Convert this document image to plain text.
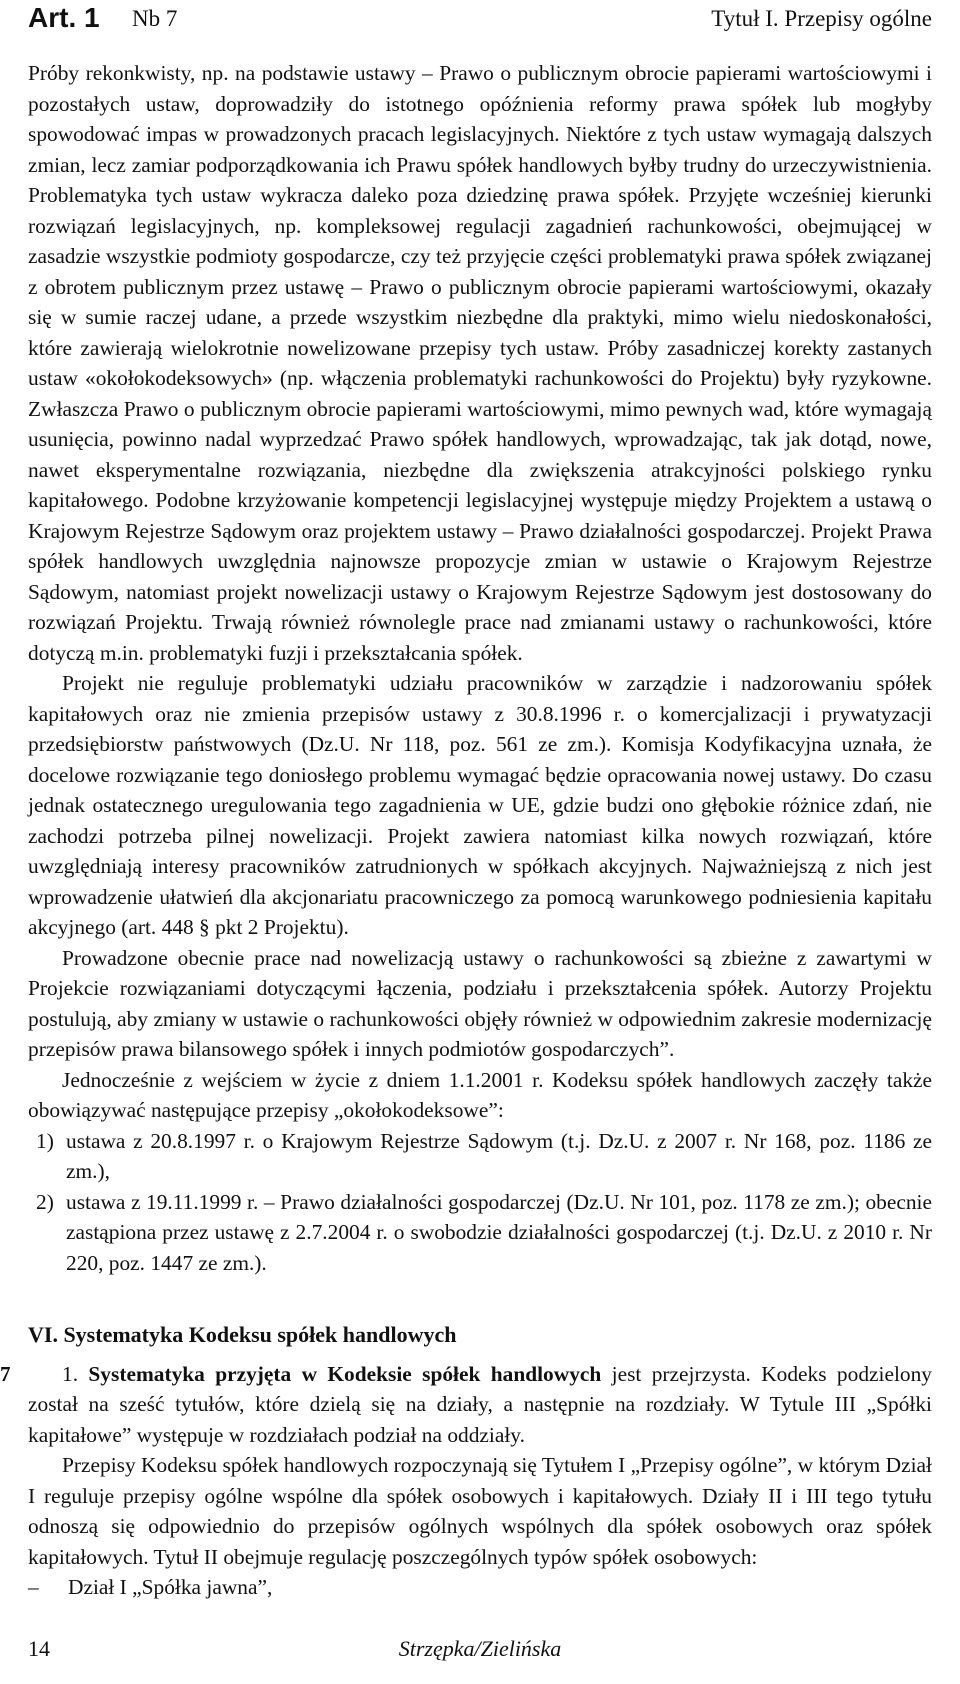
Art. 1 Nb 7	Tytuł I. Przepisy ogólne

Próby rekonkwisty, np. na podstawie ustawy – Prawo o publicznym obrocie papierami wartościowymi i pozostałych ustaw, doprowadziły do istotnego opóźnienia reformy prawa spółek lub mogłyby spowodować impas w prowadzonych pracach legislacyjnych. Niektóre z tych ustaw wymagają dalszych zmian, lecz zamiar podporządkowania ich Prawu spółek handlowych byłby trudny do urzeczywistnienia. Problematyka tych ustaw wykracza daleko poza dziedzinę prawa spółek. Przyjęte wcześniej kierunki rozwiązań legislacyjnych, np. kompleksowej regulacji zagadnień rachunkowości, obejmującej w zasadzie wszystkie podmioty gospodarcze, czy też przyjęcie części problematyki prawa spółek związanej z obrotem publicznym przez ustawę – Prawo o publicznym obrocie papierami wartościowymi, okazały się w sumie raczej udane, a przede wszystkim niezbędne dla praktyki, mimo wielu niedoskonałości, które zawierają wielokrotnie nowelizowane przepisy tych ustaw. Próby zasadniczej korekty zastanych ustaw «okołokodeksowych» (np. włączenia problematyki rachunkowości do Projektu) były ryzykowne. Zwłaszcza Prawo o publicznym obrocie papierami wartościowymi, mimo pewnych wad, które wymagają usunięcia, powinno nadal wyprzedzać Prawo spółek handlowych, wprowadzając, tak jak dotąd, nowe, nawet eksperymentalne rozwiązania, niezbędne dla zwiększenia atrakcyjności polskiego rynku kapitałowego. Podobne krzyżowanie kompetencji legislacyjnej występuje między Projektem a ustawą o Krajowym Rejestrze Sądowym oraz projektem ustawy – Prawo działalności gospodarczej. Projekt Prawa spółek handlowych uwzględnia najnowsze propozycje zmian w ustawie o Krajowym Rejestrze Sądowym, natomiast projekt nowelizacji ustawy o Krajowym Rejestrze Sądowym jest dostosowany do rozwiązań Projektu. Trwają również równolegle prace nad zmianami ustawy o rachunkowości, które dotyczą m.in. problematyki fuzji i przekształcania spółek.

Projekt nie reguluje problematyki udziału pracowników w zarządzie i nadzorowaniu spółek kapitałowych oraz nie zmienia przepisów ustawy z 30.8.1996 r. o komercjalizacji i prywatyzacji przedsiębiorstw państwowych (Dz.U. Nr 118, poz. 561 ze zm.). Komisja Kodyfikacyjna uznała, że docelowe rozwiązanie tego doniosłego problemu wymagać będzie opracowania nowej ustawy. Do czasu jednak ostatecznego uregulowania tego zagadnienia w UE, gdzie budzi ono głębokie różnice zdań, nie zachodzi potrzeba pilnej nowelizacji. Projekt zawiera natomiast kilka nowych rozwiązań, które uwzględniają interesy pracowników zatrudnionych w spółkach akcyjnych. Najważniejszą z nich jest wprowadzenie ułatwień dla akcjonariatu pracowniczego za pomocą warunkowego podniesienia kapitału akcyjnego (art. 448 § pkt 2 Projektu).

Prowadzone obecnie prace nad nowelizacją ustawy o rachunkowości są zbieżne z zawartymi w Projekcie rozwiązaniami dotyczącymi łączenia, podziału i przekształcenia spółek. Autorzy Projektu postulują, aby zmiany w ustawie o rachunkowości objęły również w odpowiednim zakresie modernizację przepisów prawa bilansowego spółek i innych podmiotów gospodarczych”.

Jednocześnie z wejściem w życie z dniem 1.1.2001 r. Kodeksu spółek handlowych zaczęły także obowiązywać następujące przepisy „okołokodeksowe”:

1) ustawa z 20.8.1997 r. o Krajowym Rejestrze Sądowym (t.j. Dz.U. z 2007 r. Nr 168, poz. 1186 ze zm.),
2) ustawa z 19.11.1999 r. – Prawo działalności gospodarczej (Dz.U. Nr 101, poz. 1178 ze zm.); obecnie zastąpiona przez ustawę z 2.7.2004 r. o swobodzie działalności gospodarczej (t.j. Dz.U. z 2010 r. Nr 220, poz. 1447 ze zm.).

VI. Systematyka Kodeksu spółek handlowych

7	1. Systematyka przyjęta w Kodeksie spółek handlowych jest przejrzysta. Kodeks podzielony został na sześć tytułów, które dzielą się na działy, a następnie na rozdziały. W Tytule III „Spółki kapitałowe” występuje w rozdziałach podział na oddziały.

Przepisy Kodeksu spółek handlowych rozpoczynają się Tytułem I „Przepisy ogólne”, w którym Dział I reguluje przepisy ogólne wspólne dla spółek osobowych i kapitałowych. Działy II i III tego tytułu odnoszą się odpowiednio do przepisów ogólnych wspólnych dla spółek osobowych oraz spółek kapitałowych. Tytuł II obejmuje regulację poszczególnych typów spółek osobowych:

– Dział I „Spółka jawna”,
Strzępka/Zielińska
14
